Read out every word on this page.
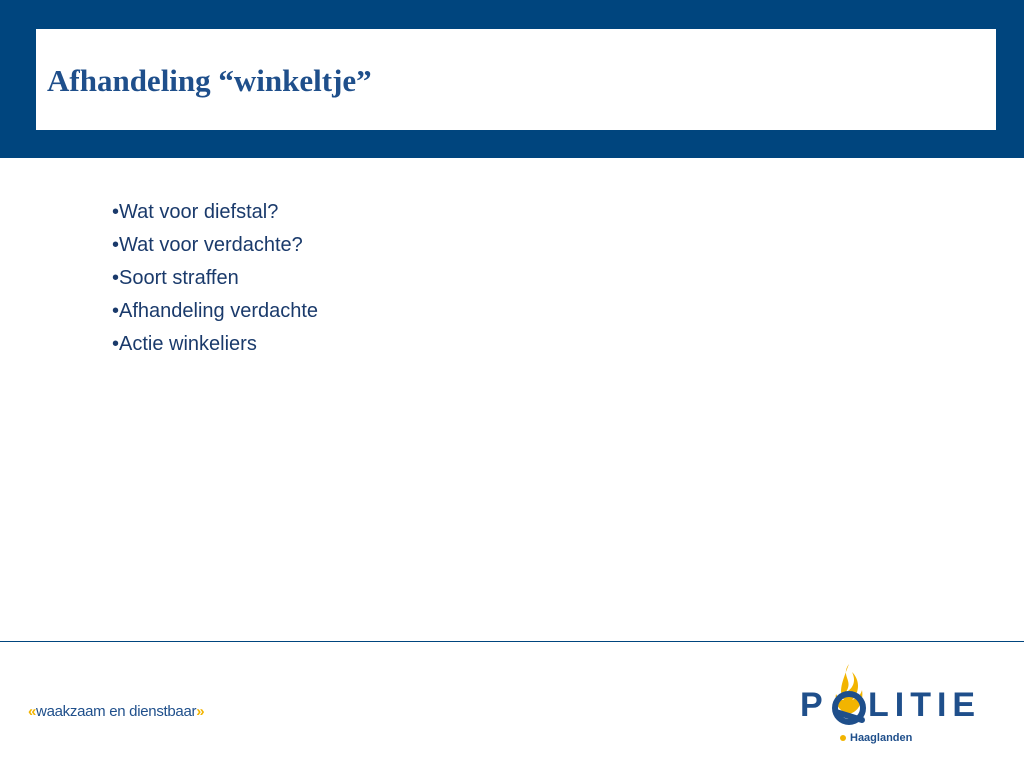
Afhandeling “winkeltje”
•Wat voor diefstal?
•Wat voor verdachte?
•Soort straffen
•Afhandeling verdachte
•Actie winkeliers
«waakzaam en dienstbaar»	P LITIE
Haaglanden
